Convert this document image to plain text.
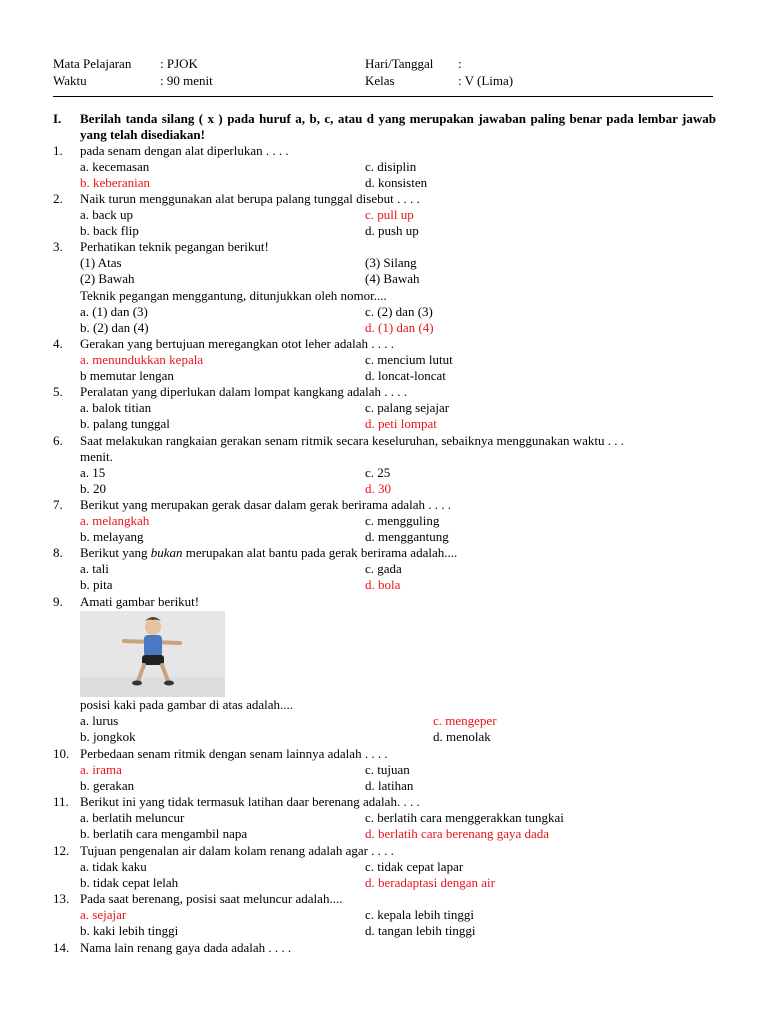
Mata Pelajaran : PJOK	Hari/Tanggal :
Waktu	: 90 menit	Kelas	: V (Lima)
I. Berilah tanda silang ( x ) pada huruf a, b, c, atau d yang merupakan jawaban paling benar pada lembar jawab yang telah disediakan!
1. pada senam dengan alat diperlukan . . . .
a. kecemasan	c. disiplin
b. keberanian	d. konsisten
2. Naik turun menggunakan alat berupa palang tunggal disebut . . . .
a. back up	c. pull up
b. back flip	d. push up
3. Perhatikan teknik pegangan berikut!
(1) Atas	(3) Silang
(2) Bawah	(4) Bawah
Teknik pegangan menggantung, ditunjukkan oleh nomor....
a. (1) dan (3)	c. (2) dan (3)
b. (2) dan (4)	d. (1) dan (4)
4. Gerakan yang bertujuan meregangkan otot leher adalah . . . .
a. menundukkan kepala	c. mencium lutut
b memutar lengan	d. loncat-loncat
5. Peralatan yang diperlukan dalam lompat kangkang adalah . . . .
a. balok titian	c. palang sejajar
b. palang tunggal	d. peti lompat
6. Saat melakukan rangkaian gerakan senam ritmik secara keseluruhan, sebaiknya menggunakan waktu . . .
menit.
a. 15	c. 25
b. 20	d. 30
7. Berikut yang merupakan gerak dasar dalam gerak berirama adalah . . . .
a. melangkah	c. mengguling
b. melayang	d. menggantung
8. Berikut yang bukan merupakan alat bantu pada gerak berirama adalah....
a. tali	c. gada
b. pita	d. bola
9. Amati gambar berikut!
posisi kaki pada gambar di atas adalah....
a. lurus	c. mengeper
b. jongkok	d. menolak
10. Perbedaan senam ritmik dengan senam lainnya adalah . . . .
a. irama	c. tujuan
b. gerakan	d. latihan
11. Berikut ini yang tidak termasuk latihan daar berenang adalah. . . .
a. berlatih meluncur	c. berlatih cara menggerakkan tungkai
b. berlatih cara mengambil napa	d. berlatih cara berenang gaya dada
12. Tujuan pengenalan air dalam kolam renang adalah agar . . . .
a. tidak kaku	c. tidak cepat lapar
b. tidak cepat lelah	d. beradaptasi dengan air
13. Pada saat berenang, posisi saat meluncur adalah....
a. sejajar	c. kepala lebih tinggi
b. kaki lebih tinggi	d. tangan lebih tinggi
14. Nama lain renang gaya dada adalah . . . .
